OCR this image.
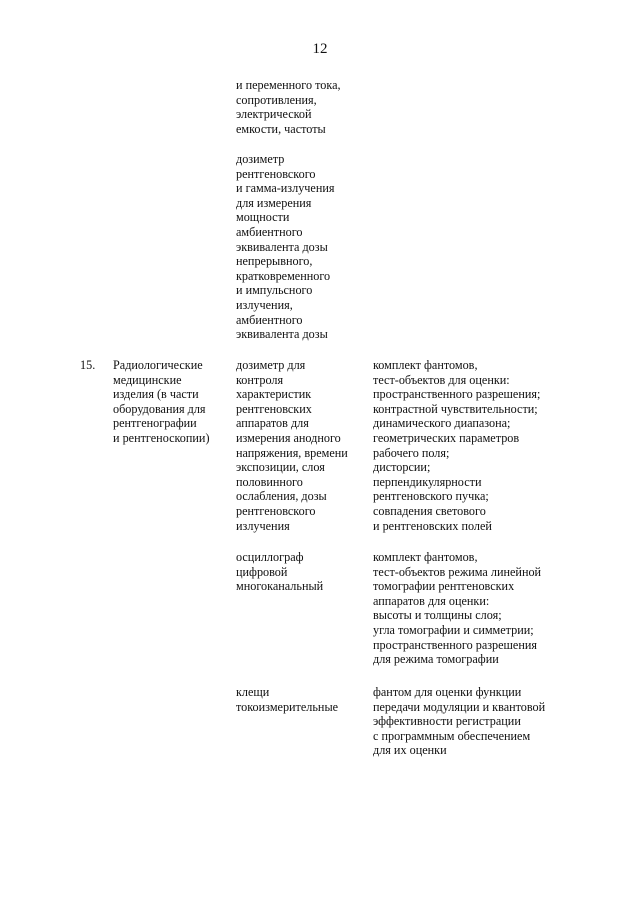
12
и переменного тока,
сопротивления,
электрической
емкости, частоты
дозиметр
рентгеновского
и гамма-излучения
для измерения
мощности
амбиентного
эквивалента дозы
непрерывного,
кратковременного
и импульсного
излучения,
амбиентного
эквивалента дозы
15. Радиологические
медицинские
изделия (в части
оборудования для
рентгенографии
и рентгеноскопии)
дозиметр для
контроля
характеристик
рентгеновских
аппаратов для
измерения анодного
напряжения, времени
экспозиции, слоя
половинного
ослабления, дозы
рентгеновского
излучения
комплект фантомов,
тест-объектов для оценки:
пространственного разрешения;
контрастной чувствительности;
динамического диапазона;
геометрических параметров
рабочего поля;
дисторсии;
перпендикулярности
рентгеновского пучка;
совпадения светового
и рентгеновских полей
осциллограф
цифровой
многоканальный
комплект фантомов,
тест-объектов режима линейной
томографии рентгеновских
аппаратов для оценки:
высоты и толщины слоя;
угла томографии и симметрии;
пространственного разрешения
для режима томографии
клещи
токоизмерительные
фантом для оценки функции
передачи модуляции и квантовой
эффективности регистрации
с программным обеспечением
для их оценки
